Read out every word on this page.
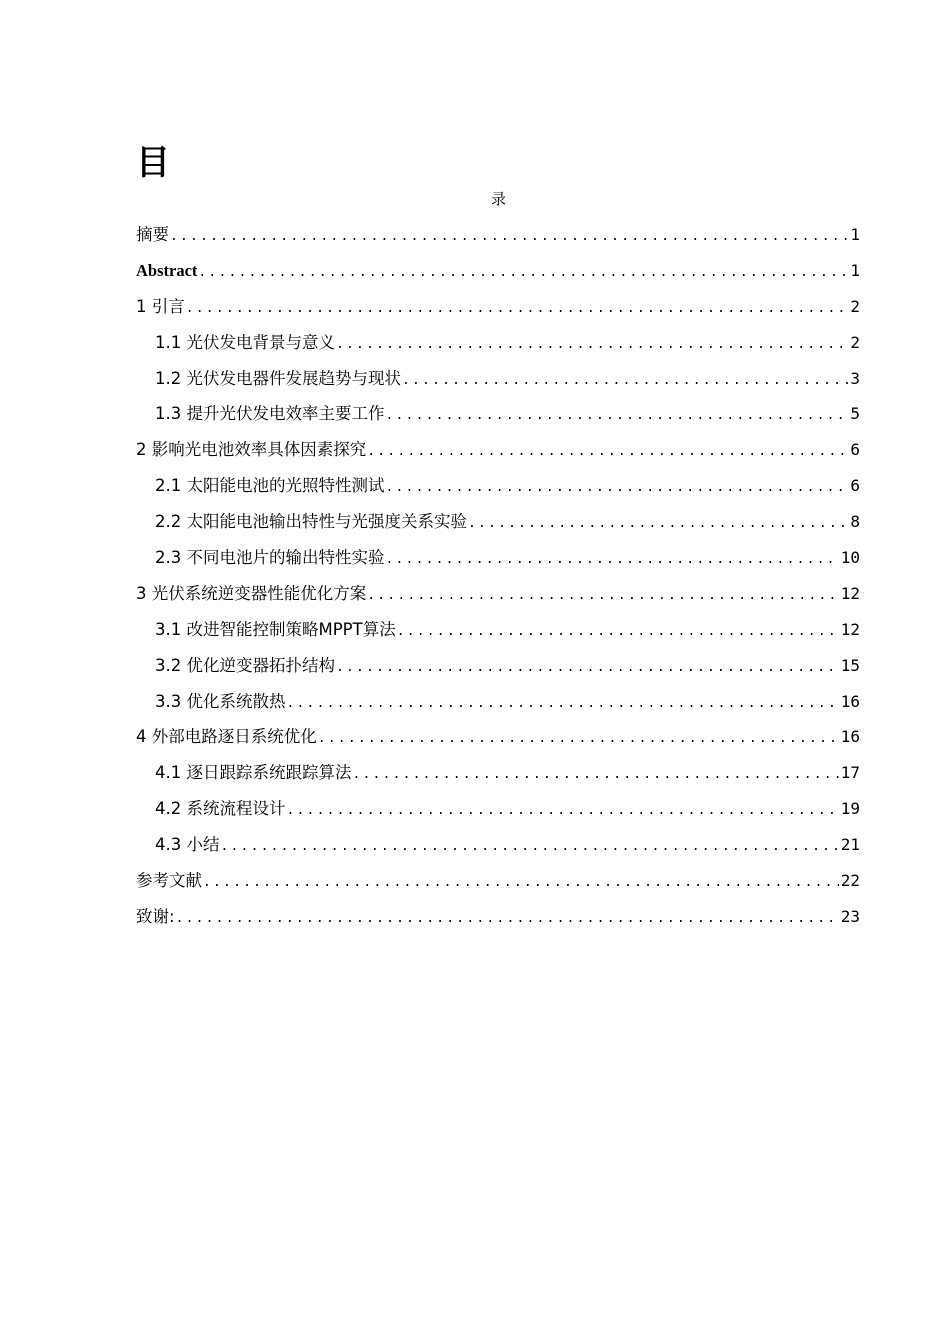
目
录
摘要 .....	1
Abstract .....	1
1 引言 .....	2
1.1 光伏发电背景与意义 .....	2
1.2 光伏发电器件发展趋势与现状 .....	3
1.3 提升光伏发电效率主要工作 .....	5
2 影响光电池效率具体因素探究 .....	6
2.1 太阳能电池的光照特性测试 .....	6
2.2 太阳能电池输出特性与光强度关系实验 .....	8
2.3 不同电池片的输出特性实验 .....	10
3 光伏系统逆变器性能优化方案 .....	12
3.1 改进智能控制策略MPPT算法 .....	12
3.2 优化逆变器拓扑结构 .....	15
3.3 优化系统散热 .....	16
4 外部电路逐日系统优化 .....	16
4.1 逐日跟踪系统跟踪算法 .....	17
4.2 系统流程设计 .....	19
4.3 小结 .....	21
参考文献 .....	22
致谢: .....	23
